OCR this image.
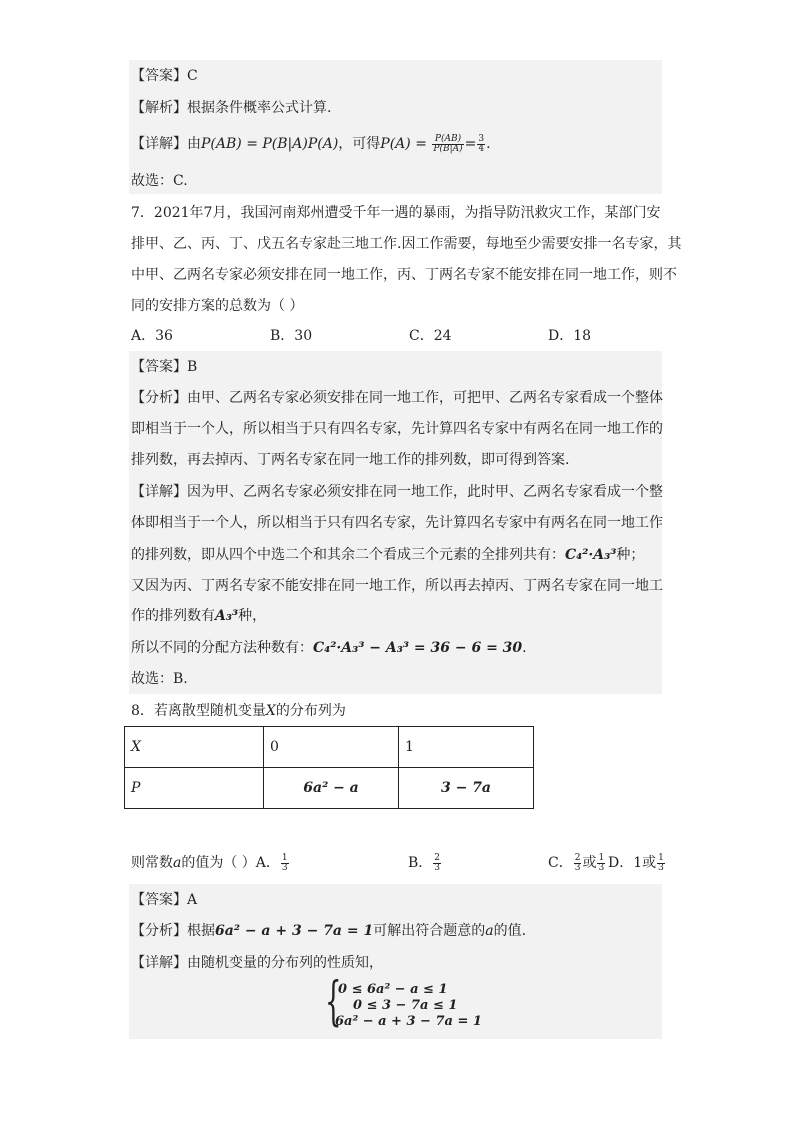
【答案】C
【解析】根据条件概率公式计算.
【详解】由P(AB) = P(B|A)P(A)，可得$P(A) = \frac{P(AB)}{P(B|A)} = \frac{3}{4}$ .
故选：C.
7．2021年7月，我国河南郑州遭受千年一遇的暴雨，为指导防汛救灾工作，某部门安
排甲、乙、丙、丁、戊五名专家赴三地工作.因工作需要，每地至少需要安排一名专家，其
中甲、乙两名专家必须安排在同一地工作，丙、丁两名专家不能安排在同一地工作，则不
同的安排方案的总数为（ ）
A．36	B．30	C．24	D．18
【答案】B
【分析】由甲、乙两名专家必须安排在同一地工作，可把甲、乙两名专家看成一个整体
即相当于一个人，所以相当于只有四名专家，先计算四名专家中有两名在同一地工作的
排列数，再去掉丙、丁两名专家在同一地工作的排列数，即可得到答案.
【详解】因为甲、乙两名专家必须安排在同一地工作，此时甲、乙两名专家看成一个整
体即相当于一个人，所以相当于只有四名专家，先计算四名专家中有两名在同一地工作
的排列数，即从四个中选二个和其余二个看成三个元素的全排列共有：C₄²·A₃³种；
又因为丙、丁两名专家不能安排在同一地工作，所以再去掉丙、丁两名专家在同一地工
作的排列数有A₃³种，
所以不同的分配方法种数有：C₄²·A₃³ − A₃³ = 36 − 6 = 30.
故选：B.
8．若离散型随机变量X的分布列为
X	0	1
P	6a² − a	3 − 7a
则常数a的值为（ ）A． $\frac{1}{3}$	B． $\frac{2}{3}$	C． $\frac{2}{3}$ 或 $\frac{1}{3}$ D．1或 $\frac{1}{3}$
【答案】A
【分析】根据6a² − a + 3 − 7a = 1可解出符合题意的a的值.
【详解】由随机变量的分布列的性质知，
{
0 ≤ 6a² − a ≤ 1
0 ≤ 3 − 7a ≤ 1
6a² − a + 3 − 7a = 1
